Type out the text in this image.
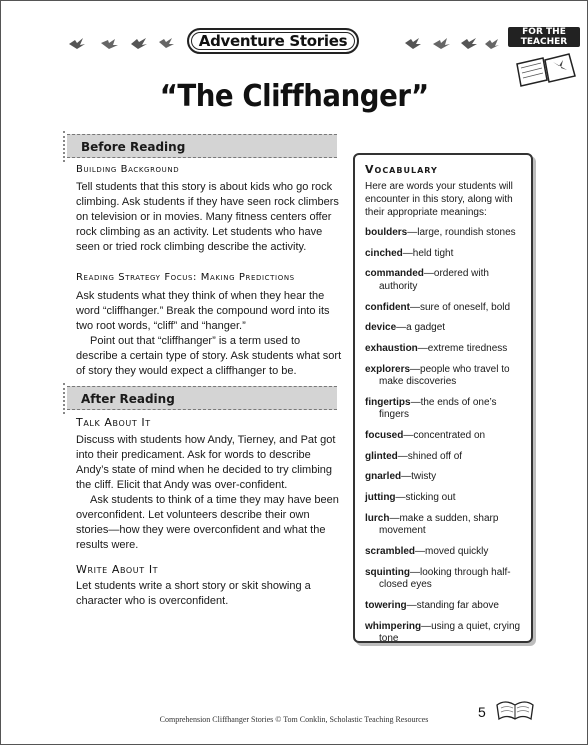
Adventure Stories	FOR THE
TEACHER
“The Cliffhanger”
Before Reading
Building Background

Tell students that this story is about kids who go rock climbing. Ask students if they have seen rock climbers on television or in movies. Many fitness centers offer rock climbing as an activity. Let students who have seen or tried rock climbing describe the activity.

Reading Strategy Focus: Making Predictions

Ask students what they think of when they hear the word “cliffhanger.” Break the compound word into its two root words, “cliff” and “hanger.”

Point out that “cliffhanger” is a term used to describe a certain type of story. Ask students what sort of story they would expect a cliffhanger to be.

After Reading
Talk About It

Discuss with students how Andy, Tierney, and Pat got into their predicament. Ask for words to describe Andy’s state of mind when he decided to try climbing the cliff. Elicit that Andy was over-confident.

Ask students to think of a time they may have been overconfident. Let volunteers describe their own stories—how they were overconfident and what the results were.

Write About It

Let students write a short story or skit showing a character who is overconfident.

Vocabulary
Here are words your students will encounter in this story, along with their appropriate meanings:
boulders—large, roundish stones
cinched—held tight
commanded—ordered with authority
confident—sure of oneself, bold
device—a gadget
exhaustion—extreme tiredness
explorers—people who travel to make discoveries
fingertips—the ends of one’s fingers
focused—concentrated on
glinted—shined off of
gnarled—twisty
jutting—sticking out
lurch—make a sudden, sharp movement
scrambled—moved quickly
squinting—looking through half-closed eyes
towering—standing far above
whimpering—using a quiet, crying tone
Comprehension Cliffhanger Stories © Tom Conklin, Scholastic Teaching Resources	5
